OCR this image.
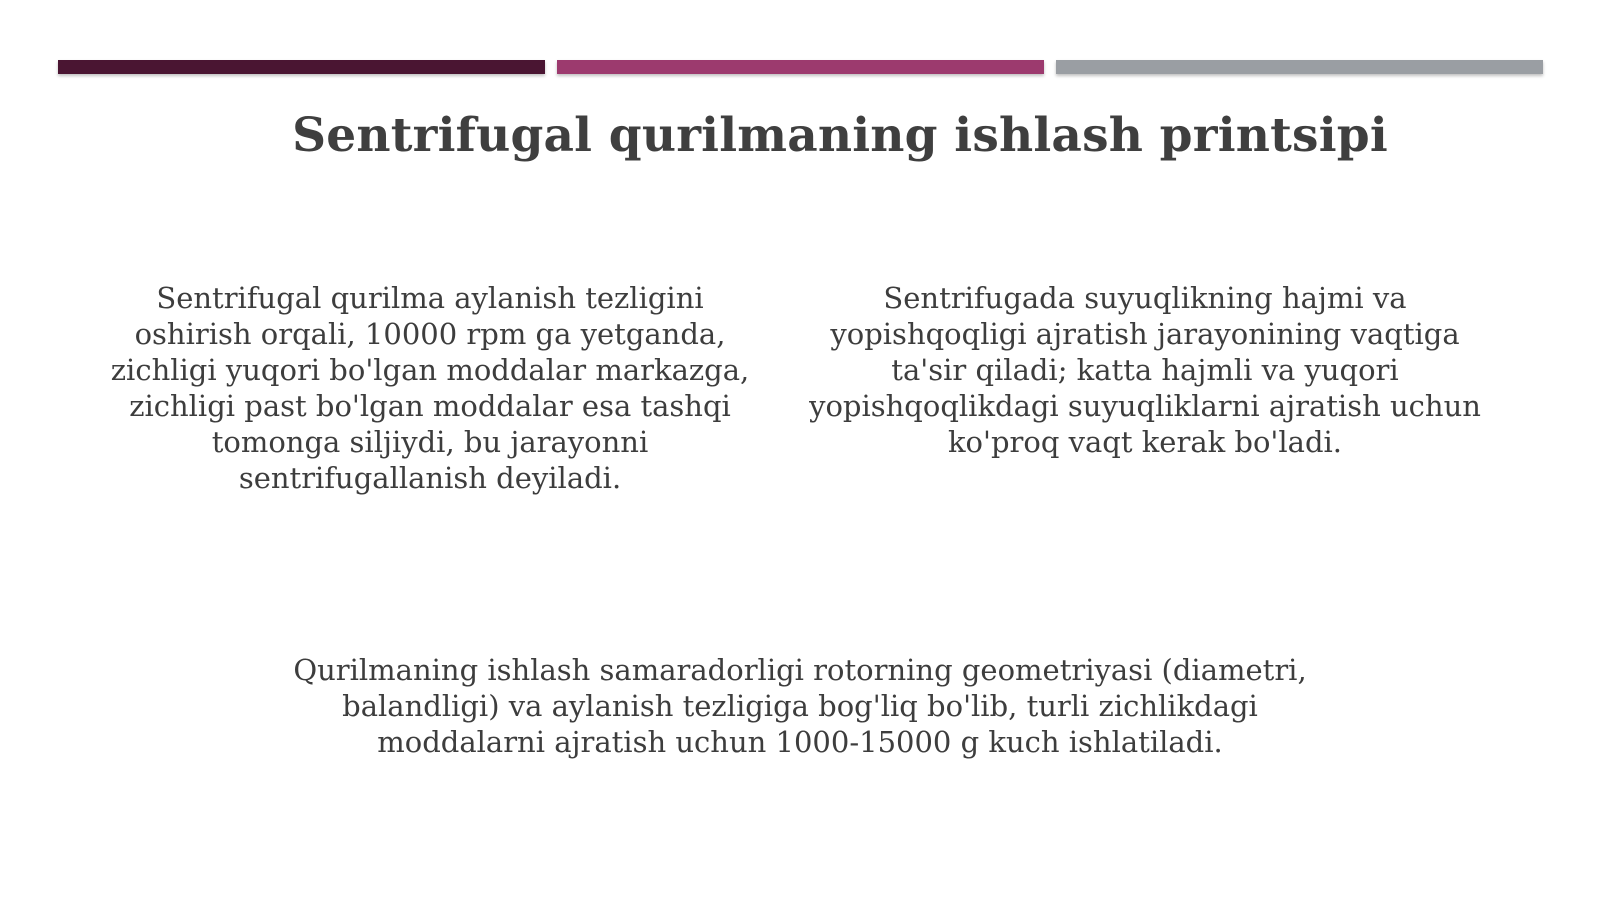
Sentrifugal qurilmaning ishlash printsipi
Sentrifugal qurilma aylanish tezligini oshirish orqali, 10000 rpm ga yetganda, zichligi yuqori bo'lgan moddalar markazga, zichligi past bo'lgan moddalar esa tashqi tomonga siljiydi, bu jarayonni sentrifugallanish deyiladi.
Sentrifugada suyuqlikning hajmi va yopishqoqligi ajratish jarayonining vaqtiga ta'sir qiladi; katta hajmli va yuqori yopishqoqlikdagi suyuqliklarni ajratish uchun ko'proq vaqt kerak bo'ladi.
Qurilmaning ishlash samaradorligi rotorning geometriyasi (diametri, balandligi) va aylanish tezligiga bog'liq bo'lib, turli zichlikdagi moddalarni ajratish uchun 1000-15000 g kuch ishlatiladi.
